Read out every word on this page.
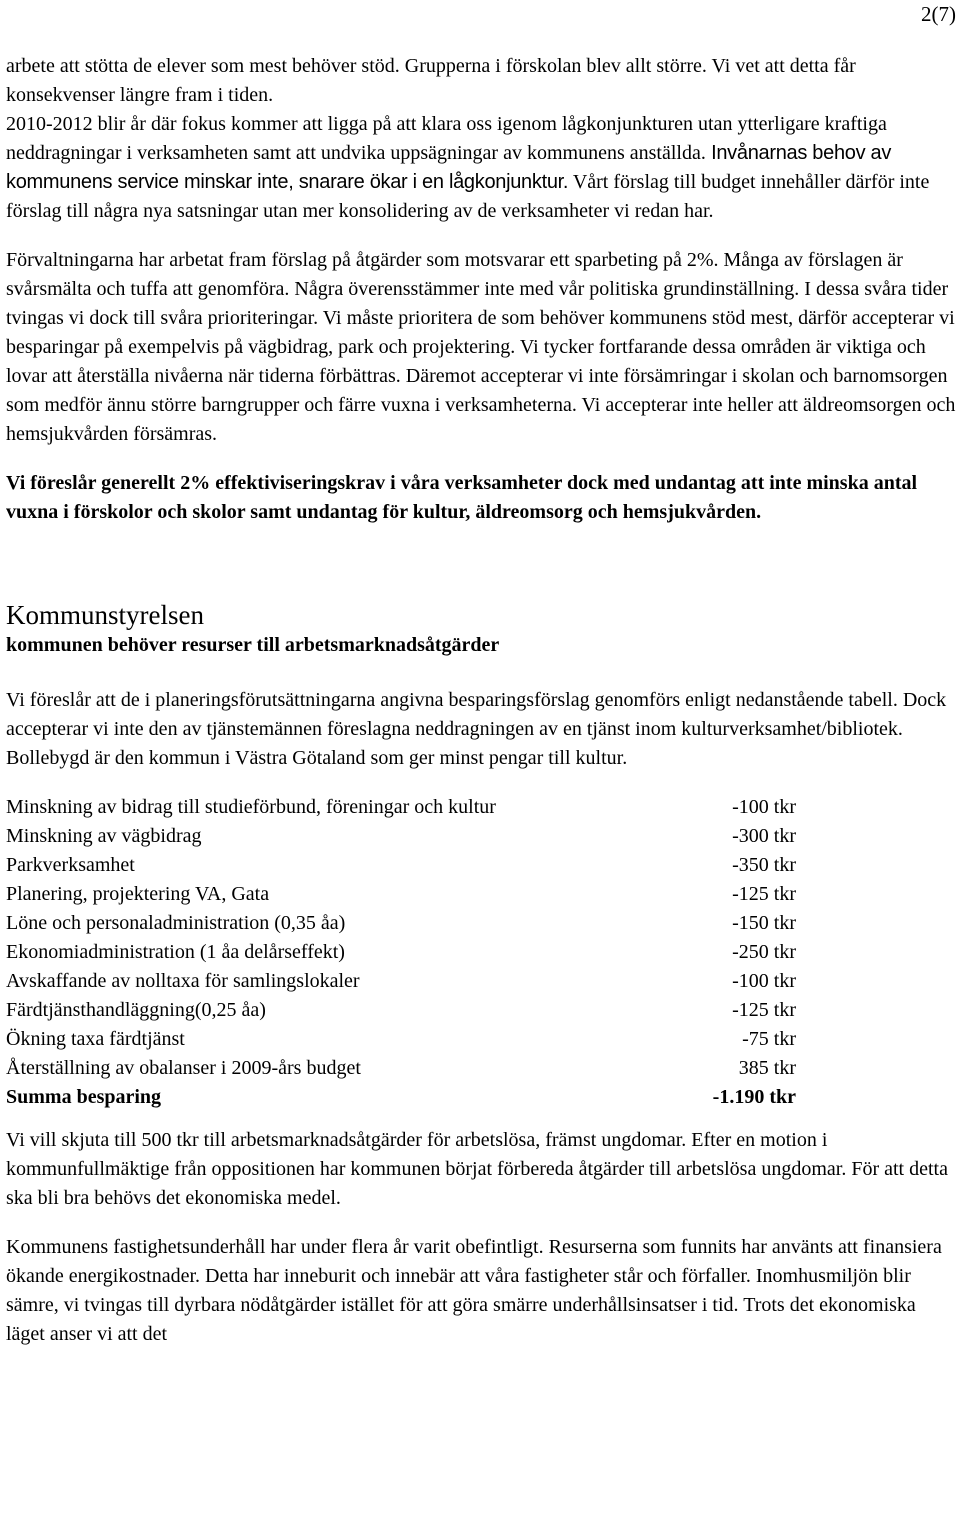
2(7)

arbete att stötta de elever som mest behöver stöd. Grupperna i förskolan blev allt större. Vi vet att detta får konsekvenser längre fram i tiden.
2010-2012 blir år där fokus kommer att ligga på att klara oss igenom lågkonjunkturen utan ytterligare kraftiga neddragningar i verksamheten samt att undvika uppsägningar av kommunens anställda. Invånarnas behov av kommunens service minskar inte, snarare ökar i en lågkonjunktur. Vårt förslag till budget innehåller därför inte förslag till några nya satsningar utan mer konsolidering av de verksamheter vi redan har.

Förvaltningarna har arbetat fram förslag på åtgärder som motsvarar ett sparbeting på 2%. Många av förslagen är svårsmälta och tuffa att genomföra. Några överensstämmer inte med vår politiska grundinställning. I dessa svåra tider tvingas vi dock till svåra prioriteringar. Vi måste prioritera de som behöver kommunens stöd mest, därför accepterar vi besparingar på exempelvis på vägbidrag, park och projektering. Vi tycker fortfarande dessa områden är viktiga och lovar att återställa nivåerna när tiderna förbättras. Däremot accepterar vi inte försämringar i skolan och barnomsorgen som medför ännu större barngrupper och färre vuxna i verksamheterna. Vi accepterar inte heller att äldreomsorgen och hemsjukvården försämras.

Vi föreslår generellt 2% effektiviseringskrav i våra verksamheter dock med undantag att inte minska antal vuxna i förskolor och skolor samt undantag för kultur, äldreomsorg och hemsjukvården.

Kommunstyrelsen
kommunen behöver resurser till arbetsmarknadsåtgärder

Vi föreslår att de i planeringsförutsättningarna angivna besparingsförslag genomförs enligt nedanstående tabell. Dock accepterar vi inte den av tjänstemännen föreslagna neddragningen av en tjänst inom kulturverksamhet/bibliotek. Bollebygd är den kommun i Västra Götaland som ger minst pengar till kultur.

Minskning av bidrag till studieförbund, föreningar och kultur	-100 tkr
Minskning av vägbidrag	-300 tkr
Parkverksamhet	-350 tkr
Planering, projektering VA, Gata	-125 tkr
Löne och personaladministration (0,35 åa)	-150 tkr
Ekonomiadministration (1 åa delårseffekt)	-250 tkr
Avskaffande av nolltaxa för samlingslokaler	-100 tkr
Färdtjänsthandläggning(0,25 åa)	-125 tkr
Ökning taxa färdtjänst	-75 tkr
Återställning av obalanser i 2009-års budget	385 tkr
Summa besparing	-1.190 tkr

Vi vill skjuta till 500 tkr till arbetsmarknadsåtgärder för arbetslösa, främst ungdomar. Efter en motion i kommunfullmäktige från oppositionen har kommunen börjat förbereda åtgärder till arbetslösa ungdomar. För att detta ska bli bra behövs det ekonomiska medel.

Kommunens fastighetsunderhåll har under flera år varit obefintligt. Resurserna som funnits har använts att finansiera ökande energikostnader. Detta har inneburit och innebär att våra fastigheter står och förfaller. Inomhusmiljön blir sämre, vi tvingas till dyrbara nödåtgärder istället för att göra smärre underhållsinsatser i tid. Trots det ekonomiska läget anser vi att det
